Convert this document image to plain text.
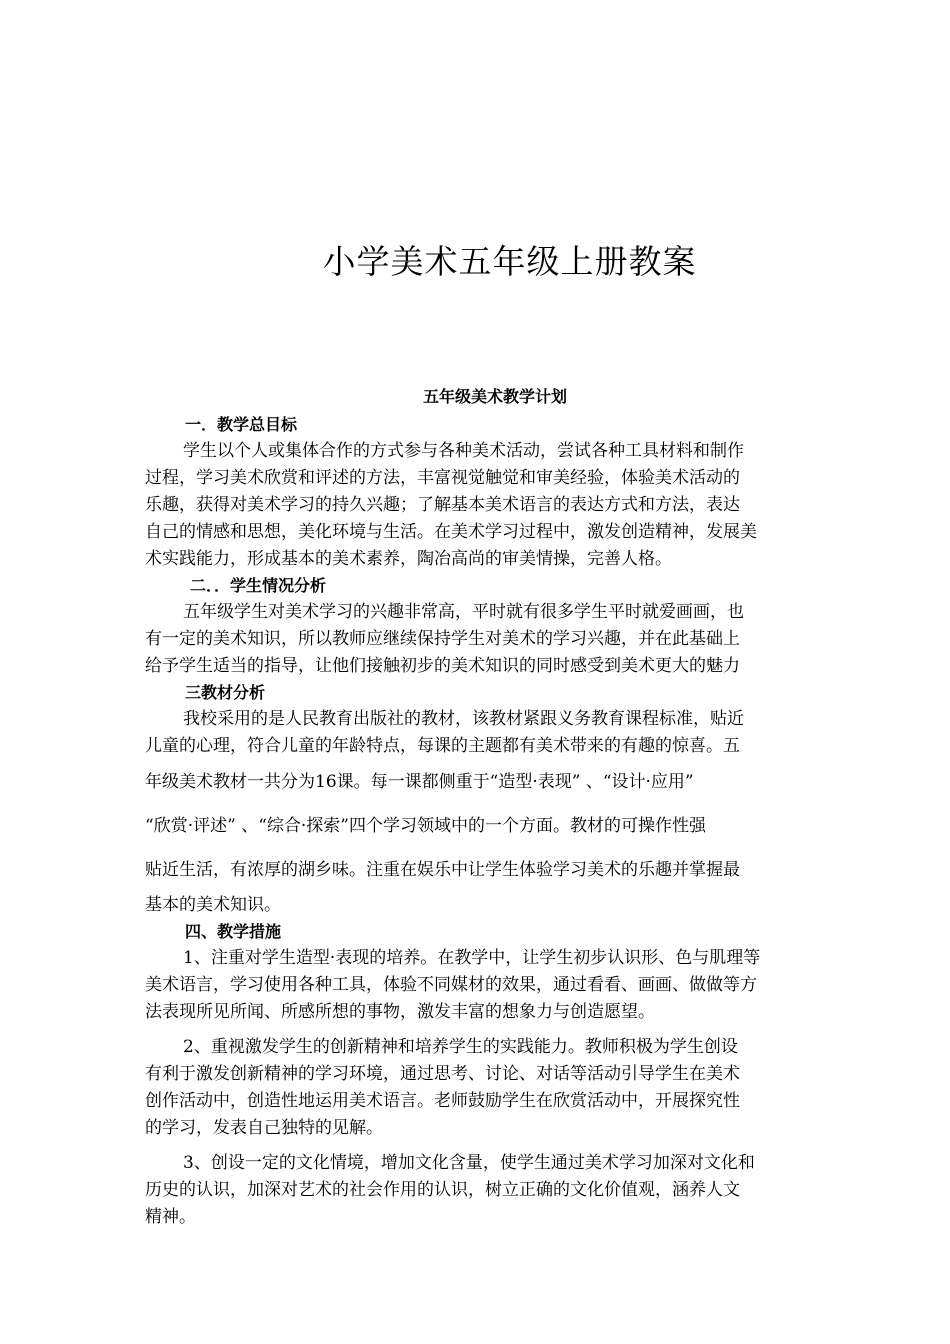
小学美术五年级上册教案
五年级美术教学计划
一．教学总目标

学生以个人或集体合作的方式参与各种美术活动，尝试各种工具材料和制作

过程，学习美术欣赏和评述的方法，丰富视觉触觉和审美经验，体验美术活动的

乐趣，获得对美术学习的持久兴趣；了解基本美术语言的表达方式和方法，表达

自己的情感和思想，美化环境与生活。在美术学习过程中，激发创造精神，发展美

术实践能力，形成基本的美术素养，陶冶高尚的审美情操，完善人格。

二．．学生情况分析

五年级学生对美术学习的兴趣非常高，平时就有很多学生平时就爱画画，也

有一定的美术知识，所以教师应继续保持学生对美术的学习兴趣，并在此基础上

给予学生适当的指导，让他们接触初步的美术知识的同时感受到美术更大的魅力

三教材分析

我校采用的是人民教育出版社的教材，该教材紧跟义务教育课程标准，贴近

儿童的心理，符合儿童的年龄特点，每课的主题都有美术带来的有趣的惊喜。五

年级美术教材一共分为16课。每一课都侧重于“造型·表现” 、“设计·应用”

“欣赏·评述” 、“综合·探索”四个学习领域中的一个方面。教材的可操作性强

贴近生活，有浓厚的湖乡味。注重在娱乐中让学生体验学习美术的乐趣并掌握最

基本的美术知识。

四、教学措施

1、注重对学生造型·表现的培养。在教学中，让学生初步认识形、色与肌理等

美术语言，学习使用各种工具，体验不同媒材的效果，通过看看、画画、做做等方

法表现所见所闻、所感所想的事物，激发丰富的想象力与创造愿望。

2、重视激发学生的创新精神和培养学生的实践能力。教师积极为学生创设

有利于激发创新精神的学习环境，通过思考、讨论、对话等活动引导学生在美术

创作活动中，创造性地运用美术语言。老师鼓励学生在欣赏活动中，开展探究性

的学习，发表自己独特的见解。

3、创设一定的文化情境，增加文化含量，使学生通过美术学习加深对文化和

历史的认识，加深对艺术的社会作用的认识，树立正确的文化价值观，涵养人文

精神。
